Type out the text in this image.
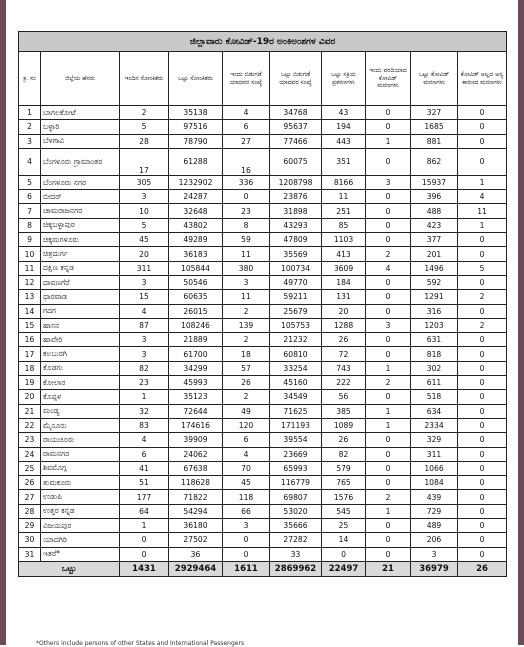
ಜಿಲ್ಲಾವಾರು ಕೋವಿಡ್-19ರ ಅಂಕಿಅಂಶಗಳ ವಿವರ									
ಕ್ರ. ಸಂ	ಜಿಲ್ಲೆಯ ಹೆಸರು	ಇಂದಿನ ಸೋಂಕಿತರು	ಒಟ್ಟು ಸೋಂಕಿತರು	ಇಂದು ಬಿಡುಗಡೆ ಯಾದವರ ಸಂಖ್ಯೆ	ಒಟ್ಟು ಬಿಡುಗಡೆ ಯಾದವರ ಸಂಖ್ಯೆ	ಒಟ್ಟು ಸಕ್ರಿಯ ಪ್ರಕರಣಗಳು	ಇಂದು ವರದಿಯಾದ ಕೋವಿಡ್ ಮರಣಗಳು	ಒಟ್ಟು ಕೋವಿಡ್ ಮರಣಗಳು	ಕೋವಿಡ್ ಅಲ್ಲದ ಅನ್ಯ ಕಾರಣದ ಮರಣಗಳು
1	ಬಾಗಲಕೋಟೆ	2	35138	4	34768	43	0	327	0
2	ಬಳ್ಳಾರಿ	5	97516	6	95637	194	0	1685	0
3	ಬೆಳಗಾವಿ	28	78790	27	77466	443	1	881	0
4	ಬೆಂಗಳೂರು ಗ್ರಾಮಾಂತರ	17	61288	16	60075	351	0	862	0
5	ಬೆಂಗಳೂರು ನಗರ	305	1232902	336	1208798	8166	3	15937	1
6	ಬೀದರ್	3	24287	0	23876	11	0	396	4
7	ಚಾಮರಾಜನಗರ	10	32648	23	31898	251	0	488	11
8	ಚಿಕ್ಕಬಳ್ಳಾಪುರ	5	43802	8	43293	85	0	423	1
9	ಚಿಕ್ಕಮಗಳೂರು	45	49289	59	47809	1103	0	377	0
10	ಚಿತ್ರದುರ್ಗ	20	36183	11	35569	413	2	201	0
11	ದಕ್ಷಿಣ ಕನ್ನಡ	311	105844	380	100734	3609	4	1496	5
12	ದಾವಣಗೆರೆ	3	50546	3	49770	184	0	592	0
13	ಧಾರವಾಡ	15	60635	11	59211	131	0	1291	2
14	ಗದಗ	4	26015	2	25679	20	0	316	0
15	ಹಾಸನ	87	108246	139	105753	1288	3	1203	2
16	ಹಾವೇರಿ	3	21889	2	21232	26	0	631	0
17	ಕಲಬುರಗಿ	3	61700	18	60810	72	0	818	0
18	ಕೊಡಗು	82	34299	57	33254	743	1	302	0
19	ಕೋಲಾರ	23	45993	26	45160	222	2	611	0
20	ಕೊಪ್ಪಳ	1	35123	2	34549	56	0	518	0
21	ಮಂಡ್ಯ	32	72644	49	71625	385	1	634	0
22	ಮೈಸೂರು	83	174616	120	171193	1089	1	2334	0
23	ರಾಯಚೂರು	4	39909	6	39554	26	0	329	0
24	ರಾಮನಗರ	6	24062	4	23669	82	0	311	0
25	ಶಿವಮೊಗ್ಗ	41	67638	70	65993	579	0	1066	0
26	ತುಮಕೂರು	51	118628	45	116779	765	0	1084	0
27	ಉಡುಪಿ	177	71822	118	69807	1576	2	439	0
28	ಉತ್ತರ ಕನ್ನಡ	64	54294	66	53020	545	1	729	0
29	ವಿಜಯಪುರ	1	36180	3	35666	25	0	489	0
30	ಯಾದಗಿರಿ	0	27502	0	27282	14	0	206	0
31	ಇತರೆ*	0	36	0	33	0	0	3	0
ಒಟ್ಟು		1431	2929464	1611	2869962	22497	21	36979	26
*Others include persons of other States and International Passengers
